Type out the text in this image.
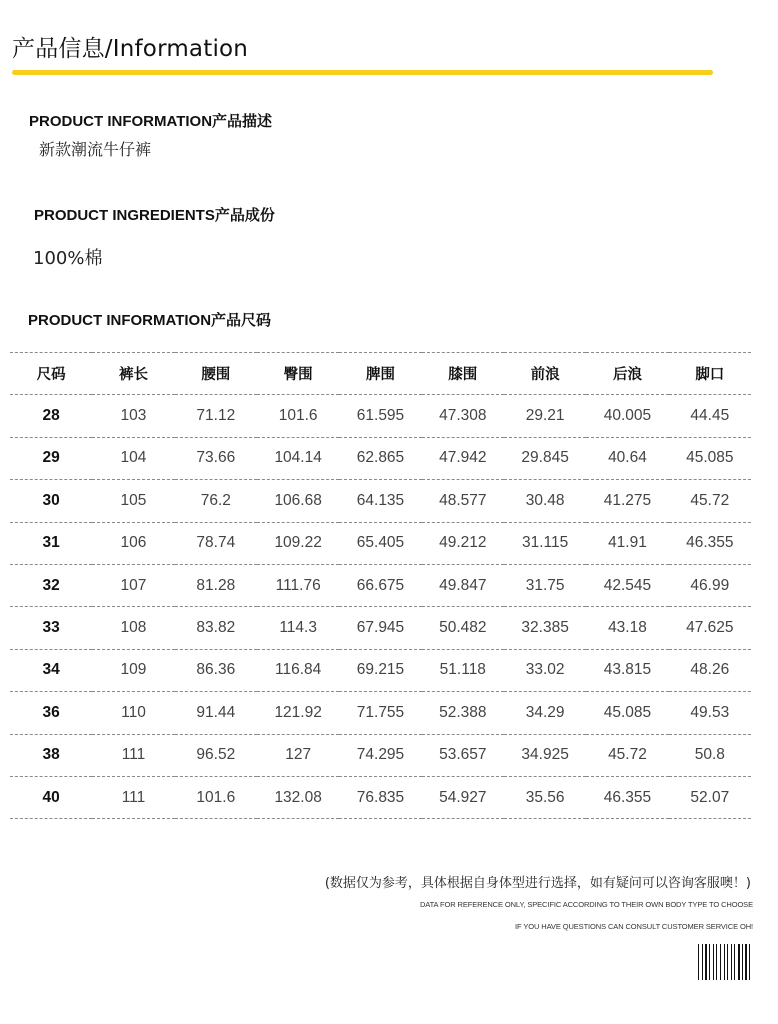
产品信息/Information
PRODUCT INFORMATION产品描述
新款潮流牛仔裤
PRODUCT INGREDIENTS产品成份
100%棉
PRODUCT INFORMATION产品尺码
尺码	裤长	腰围	臀围	脾围	膝围	前浪	后浪	脚口
28	103	71.12	101.6	61.595	47.308	29.21	40.005	44.45
29	104	73.66	104.14	62.865	47.942	29.845	40.64	45.085
30	105	76.2	106.68	64.135	48.577	30.48	41.275	45.72
31	106	78.74	109.22	65.405	49.212	31.115	41.91	46.355
32	107	81.28	111.76	66.675	49.847	31.75	42.545	46.99
33	108	83.82	114.3	67.945	50.482	32.385	43.18	47.625
34	109	86.36	116.84	69.215	51.118	33.02	43.815	48.26
36	110	91.44	121.92	71.755	52.388	34.29	45.085	49.53
38	111	96.52	127	74.295	53.657	34.925	45.72	50.8
40	111	101.6	132.08	76.835	54.927	35.56	46.355	52.07
(数据仅为参考，具体根据自身体型进行选择，如有疑问可以咨询客服噢！)
DATA FOR REFERENCE ONLY, SPECIFIC ACCORDING TO THEIR OWN BODY TYPE TO CHOOSE
IF YOU HAVE QUESTIONS CAN CONSULT CUSTOMER SERVICE OH!
